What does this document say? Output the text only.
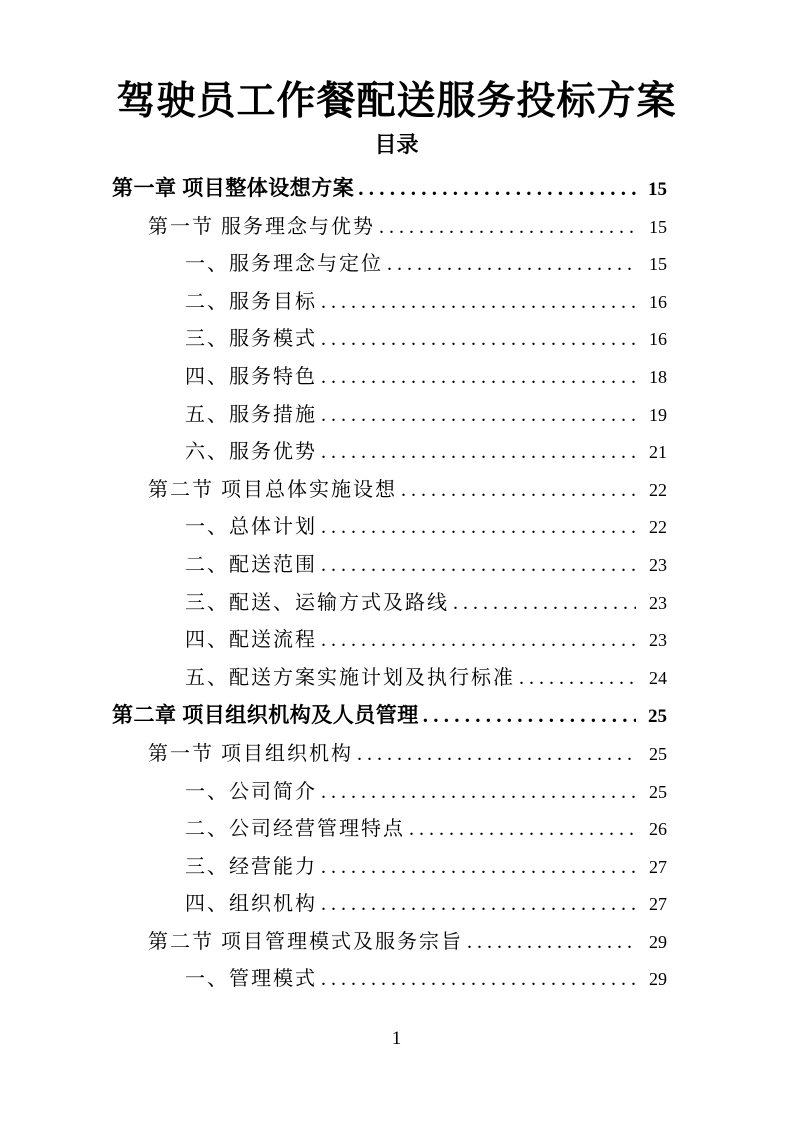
驾驶员工作餐配送服务投标方案
目录
第一章 项目整体设想方案 . . .	15
第一节 服务理念与优势 . . .	15
一、服务理念与定位 . . .	15
二、服务目标 . . .	16
三、服务模式 . . .	16
四、服务特色 . . .	18
五、服务措施 . . .	19
六、服务优势 . . .	21
第二节 项目总体实施设想 . . .	22
一、总体计划 . . .	22
二、配送范围 . . .	23
三、配送、运输方式及路线 . . .	23
四、配送流程 . . .	23
五、配送方案实施计划及执行标准 . . .	24
第二章 项目组织机构及人员管理 . . .	25
第一节 项目组织机构 . . .	25
一、公司简介 . . .	25
二、公司经营管理特点 . . .	26
三、经营能力 . . .	27
四、组织机构 . . .	27
第二节 项目管理模式及服务宗旨 . . .	29
一、管理模式 . . .	29
1
